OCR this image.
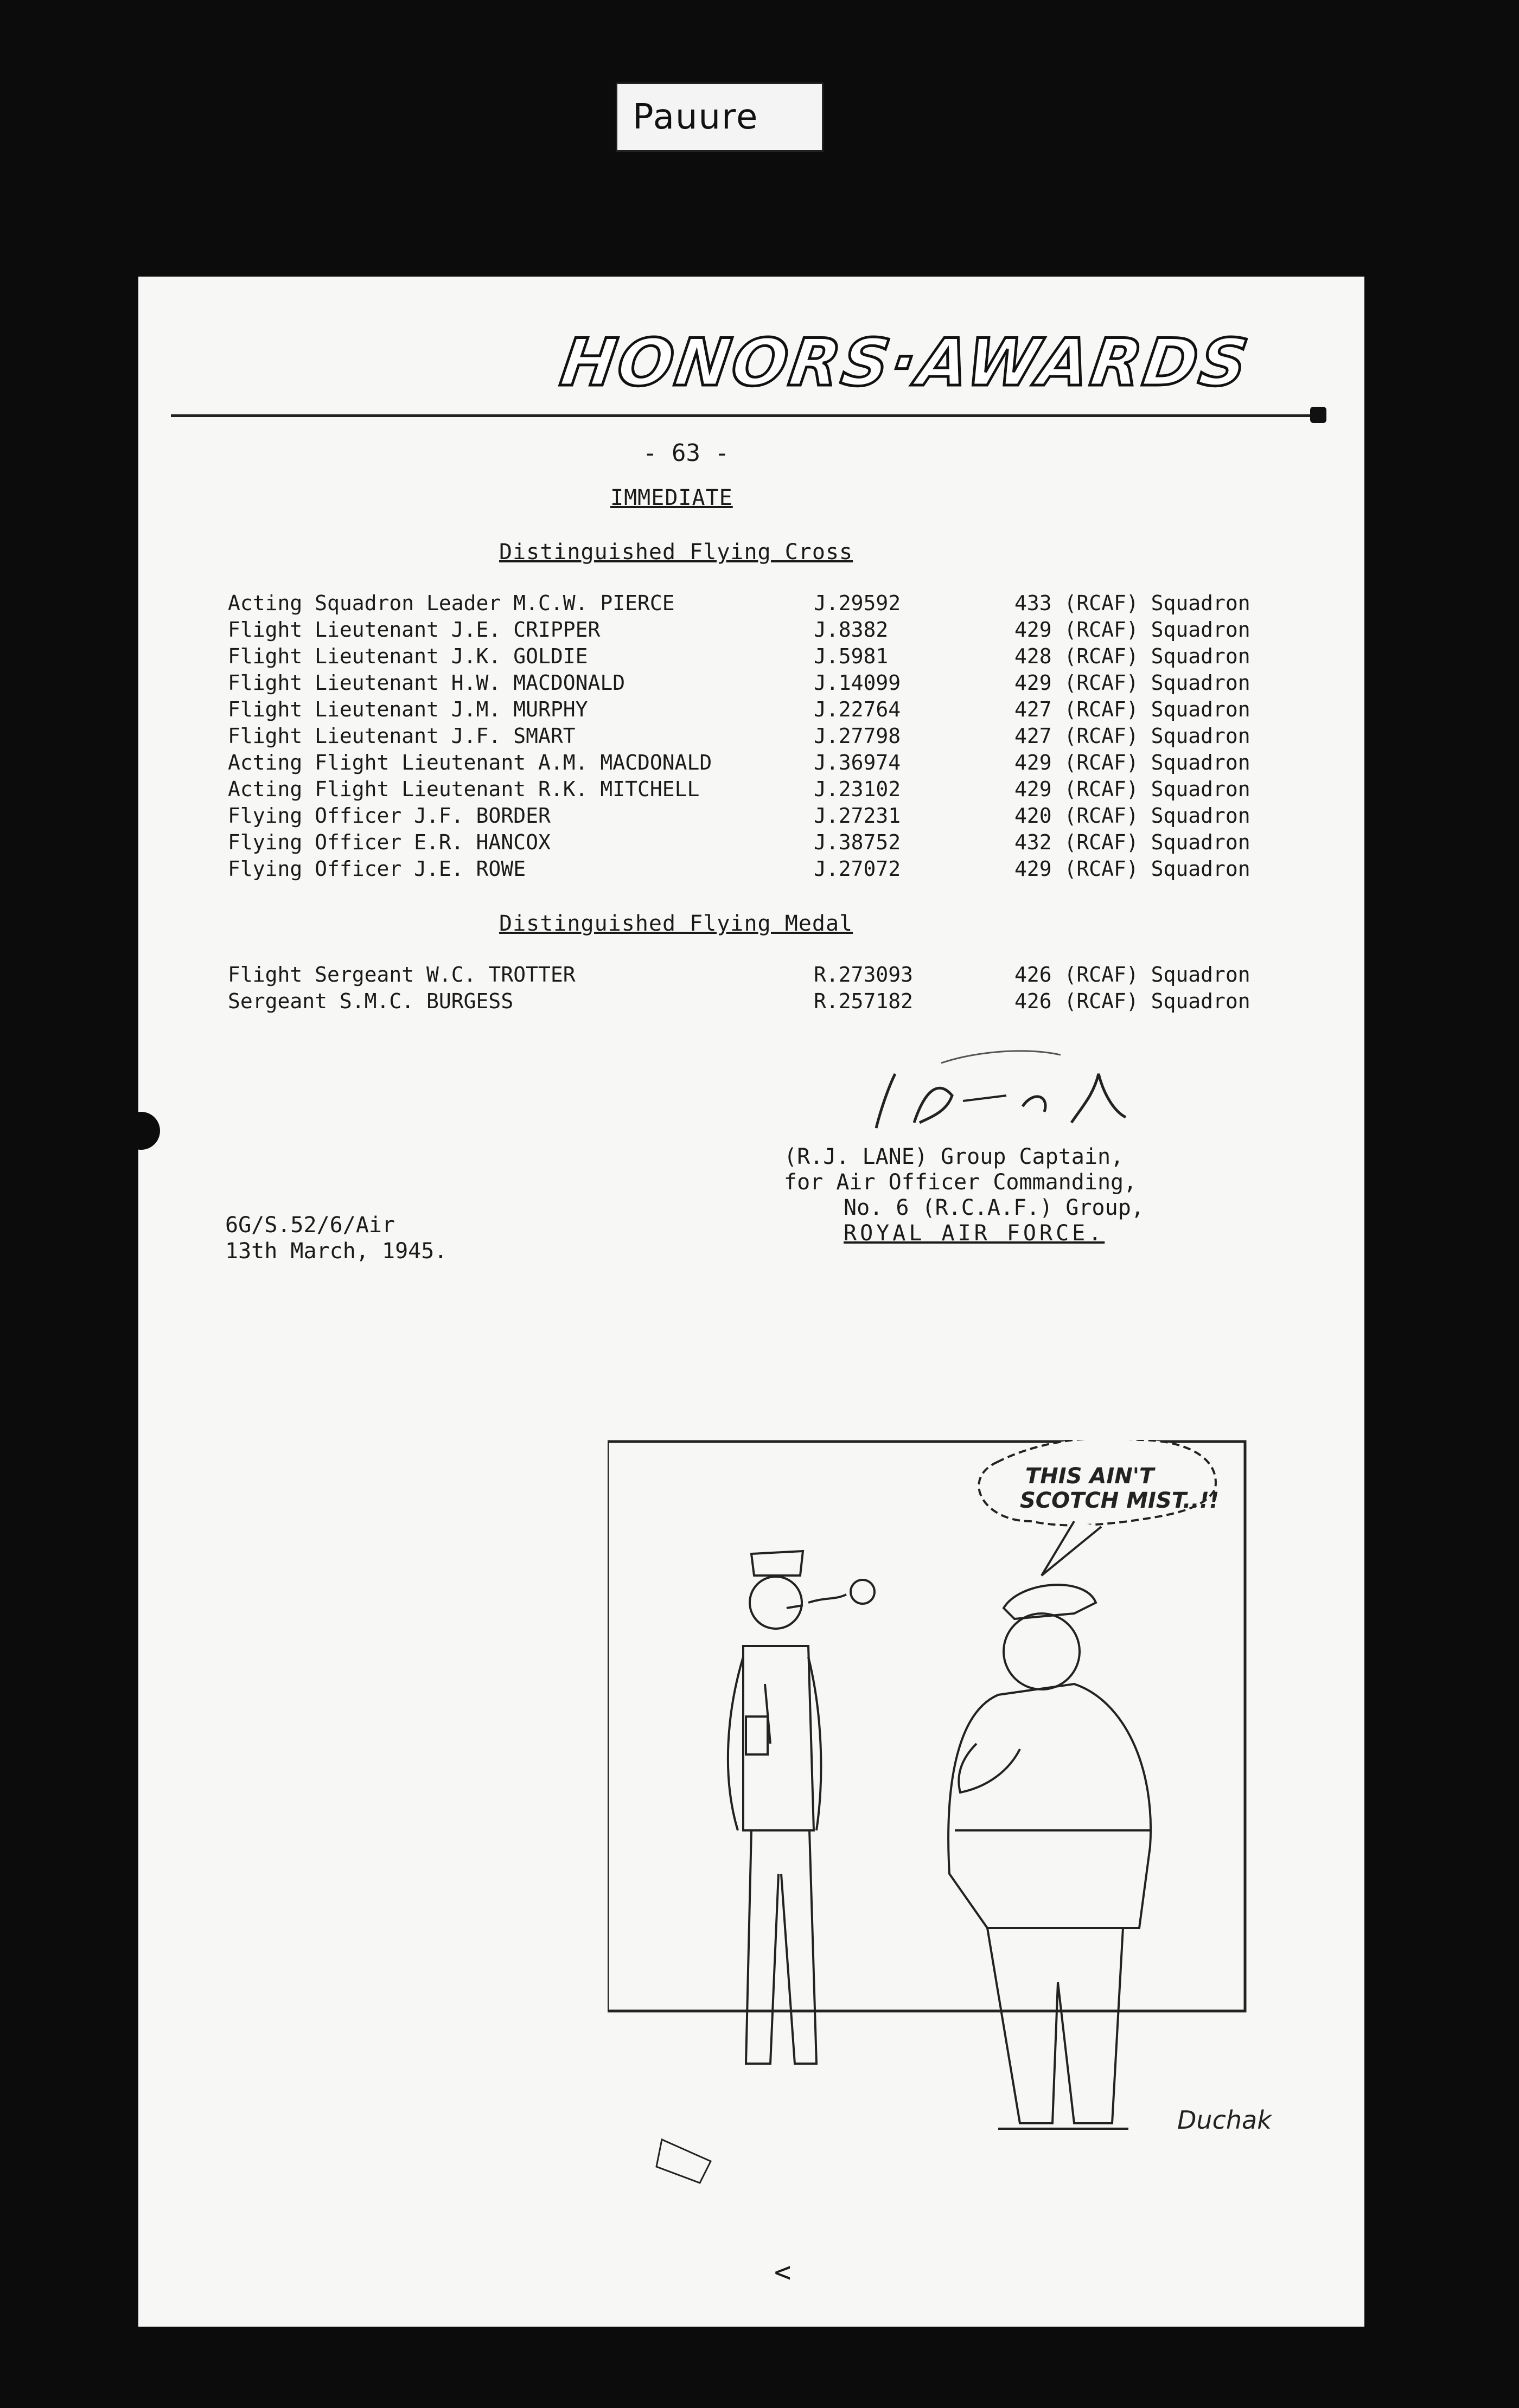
Pauure
HONORS·AWARDS
- 63 -
IMMEDIATE
Distinguished Flying Cross
Acting Squadron Leader M.C.W. PIERCE	J.29592	433 (RCAF) Squadron
Flight Lieutenant J.E. CRIPPER	J.8382	429 (RCAF) Squadron
Flight Lieutenant J.K. GOLDIE	J.5981	428 (RCAF) Squadron
Flight Lieutenant H.W. MACDONALD	J.14099	429 (RCAF) Squadron
Flight Lieutenant J.M. MURPHY	J.22764	427 (RCAF) Squadron
Flight Lieutenant J.F. SMART	J.27798	427 (RCAF) Squadron
Acting Flight Lieutenant A.M. MACDONALD	J.36974	429 (RCAF) Squadron
Acting Flight Lieutenant R.K. MITCHELL	J.23102	429 (RCAF) Squadron
Flying Officer J.F. BORDER	J.27231	420 (RCAF) Squadron
Flying Officer E.R. HANCOX	J.38752	432 (RCAF) Squadron
Flying Officer J.E. ROWE	J.27072	429 (RCAF) Squadron
Distinguished Flying Medal
Flight Sergeant W.C. TROTTER	R.273093	426 (RCAF) Squadron
Sergeant S.M.C. BURGESS	R.257182	426 (RCAF) Squadron
(R.J. LANE) Group Captain,
for Air Officer Commanding,
No. 6 (R.C.A.F.) Group,
ROYAL AIR FORCE.
6G/S.52/6/Air
13th March, 1945.
THIS AIN'T
SCOTCH MIST..!!
Duchak
<
